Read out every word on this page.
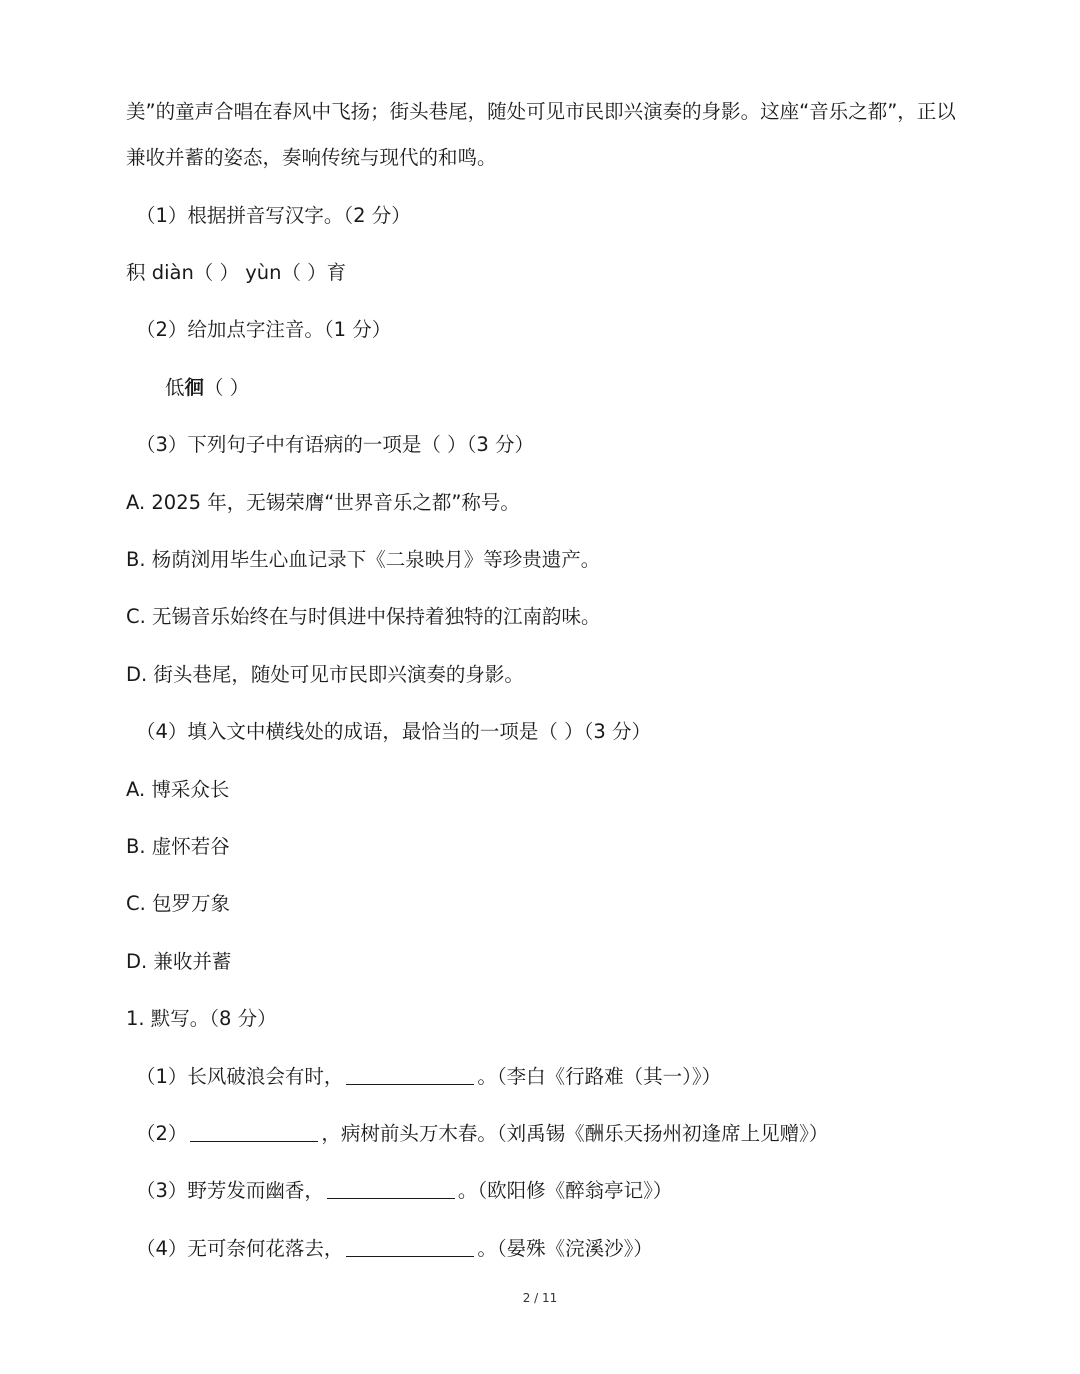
美”的童声合唱在春风中飞扬；街头巷尾，随处可见市民即兴演奏的身影。这座“音乐之都”，正以
兼收并蓄的姿态，奏响传统与现代的和鸣。
（1）根据拼音写汉字。（2 分）
积 diàn（ ） yùn（ ）育
（2）给加点字注音。（1 分）
低徊（ ）
（3）下列句子中有语病的一项是（ ）（3 分）
A. 2025 年，无锡荣膺“世界音乐之都”称号。
B. 杨荫浏用毕生心血记录下《二泉映月》等珍贵遗产。
C. 无锡音乐始终在与时俱进中保持着独特的江南韵味。
D. 街头巷尾，随处可见市民即兴演奏的身影。
（4）填入文中横线处的成语，最恰当的一项是（ ）（3 分）
A. 博采众长
B. 虚怀若谷
C. 包罗万象
D. 兼收并蓄
1. 默写。（8 分）
（1）长风破浪会有时，	。（李白《行路难（其一）》）
（2）	，病树前头万木春。（刘禹锡《酬乐天扬州初逢席上见赠》）
（3）野芳发而幽香，	。（欧阳修《醉翁亭记》）
（4）无可奈何花落去，	。（晏殊《浣溪沙》）
2 / 11
